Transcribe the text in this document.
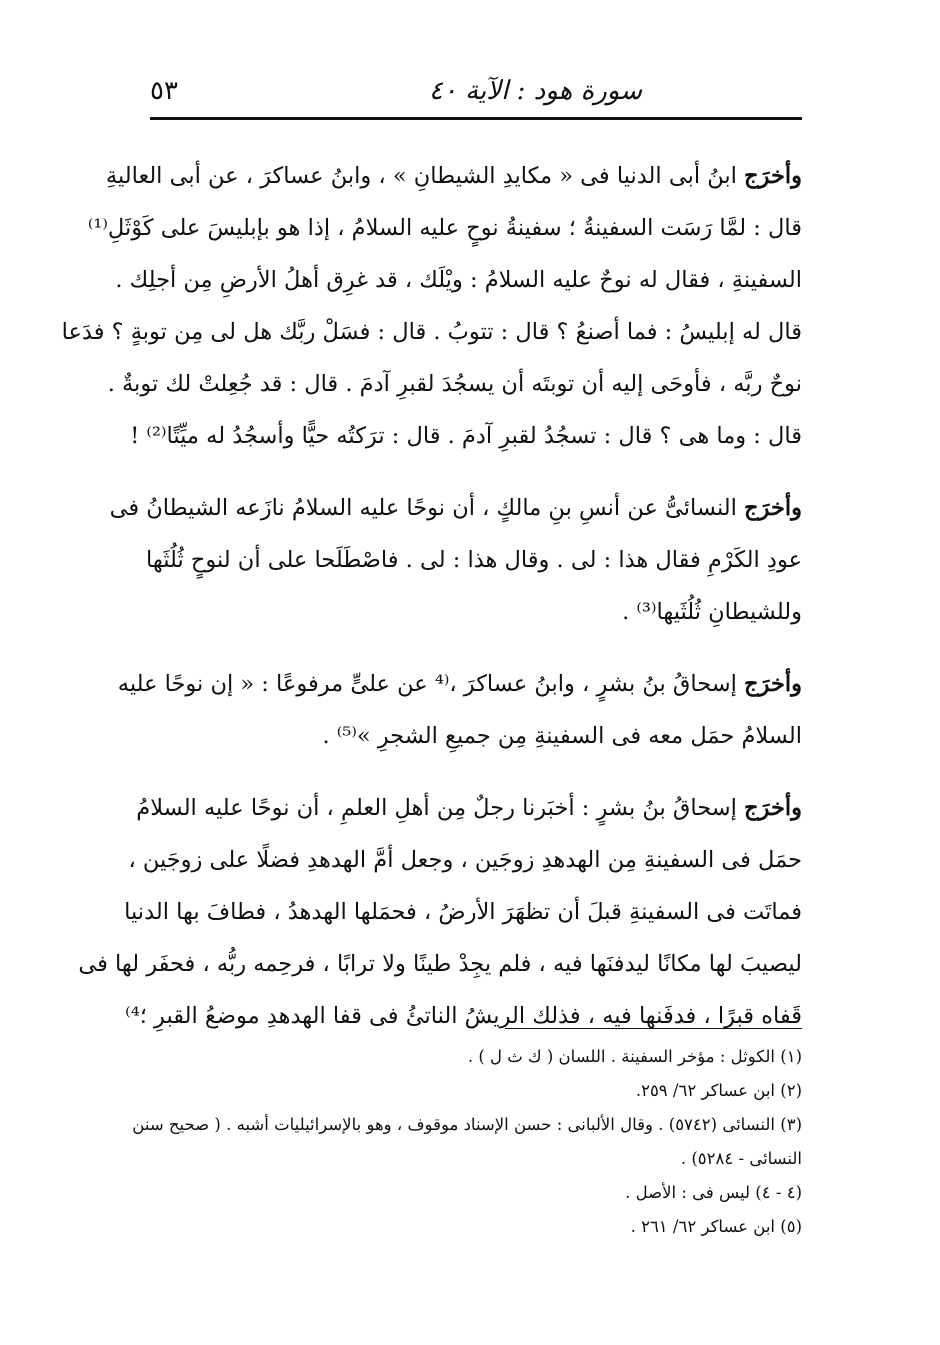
سورة هود : الآية ٤٠
٥٣
وأخرَج ابنُ أبى الدنيا فى « مكايدِ الشيطانِ » ، وابنُ عساكرَ ، عن أبى العاليةِ
قال : لمَّا رَسَت السفينةُ ؛ سفينةُ نوحٍ عليه السلامُ ، إذا هو بإبليسَ على كَوْثَلِ⁽¹⁾
السفينةِ ، فقال له نوحٌ عليه السلامُ : ويْلَك ، قد غرِق أهلُ الأرضِ مِن أجلِك .
قال له إبليسُ : فما أصنعُ ؟ قال : تتوبُ . قال : فسَلْ ربَّك هل لى مِن توبةٍ ؟ فدَعا
نوحٌ ربَّه ، فأوحَى إليه أن توبتَه أن يسجُدَ لقبرِ آدمَ . قال : قد جُعِلتْ لك توبةٌ .
قال : وما هى ؟ قال : تسجُدُ لقبرِ آدمَ . قال : ترَكتُه حيًّا وأسجُدُ له ميِّتًا⁽²⁾ !
وأخرَج النسائىُّ عن أنسِ بنِ مالكٍ ، أن نوحًا عليه السلامُ نازَعه الشيطانُ فى
عودِ الكَرْمِ فقال هذا : لى . وقال هذا : لى . فاصْطَلَحا على أن لنوحٍ ثُلُثَها
وللشيطانِ ثُلُثَيها⁽³⁾ .
وأخرَج إسحاقُ بنُ بشرٍ ، وابنُ عساكرَ ،⁽⁴ عن علىٍّ مرفوعًا : « إن نوحًا عليه
السلامُ حمَل معه فى السفينةِ مِن جميعِ الشجرِ »⁽⁵⁾ .
وأخرَج إسحاقُ بنُ بشرٍ : أخبَرنا رجلٌ مِن أهلِ العلمِ ، أن نوحًا عليه السلامُ
حمَل فى السفينةِ مِن الهدهدِ زوجَين ، وجعل أمَّ الهدهدِ فضلًا على زوجَين ،
فماتَت فى السفينةِ قبلَ أن تظهَرَ الأرضُ ، فحمَلها الهدهدُ ، فطافَ بها الدنيا
ليصيبَ لها مكانًا ليدفنَها فيه ، فلم يجِدْ طينًا ولا ترابًا ، فرحِمه ربُّه ، فحفَر لها فى
قَفاه قبرًا ، فدفَنها فيه ، فذلك الريشُ الناتئُ فى قفا الهدهدِ موضعُ القبرِ ؛⁴⁾
(١) الكوثل : مؤخر السفينة . اللسان ( ك ث ل ) .
(٢) ابن عساكر ٦٢/ ٢٥٩.
(٣) النسائى (٥٧٤٢) . وقال الألبانى : حسن الإسناد موقوف ، وهو بالإسرائيليات أشبه . ( صحيح سنن
النسائى - ٥٢٨٤) .
(٤ - ٤) ليس فى : الأصل .
(٥) ابن عساكر ٦٢/ ٢٦١ .
